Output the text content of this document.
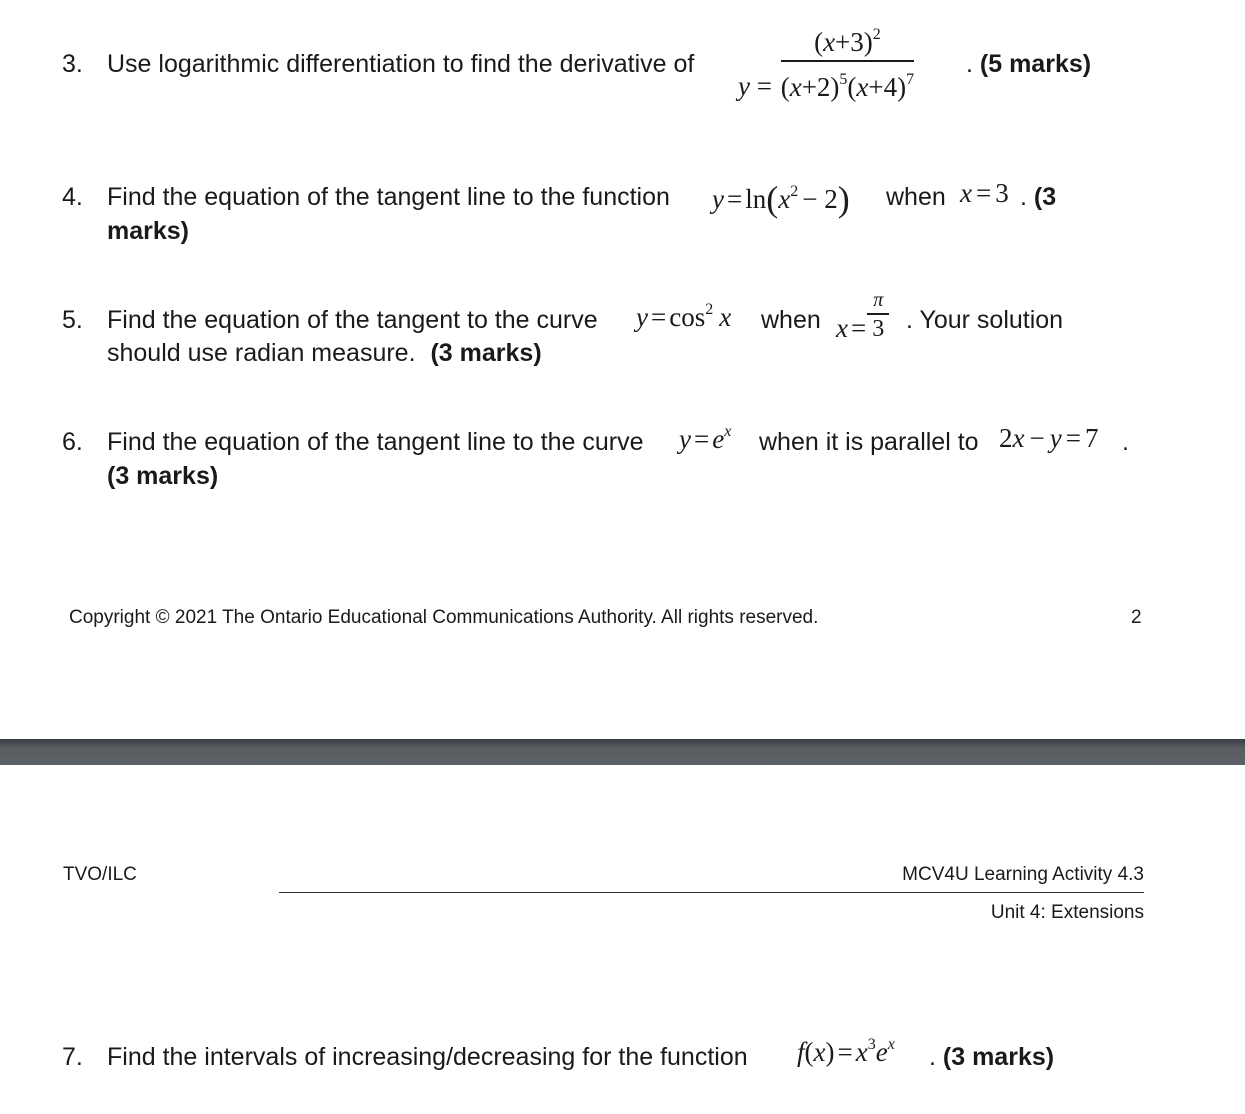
3. Use logarithmic differentiation to find the derivative of
$y = \frac{(x+3)^2}{(x+2)^5(x+4)^7}$ . (5 marks)
4. Find the equation of the tangent line to the function $y = \ln(x^2 - 2)$ when x = 3 . (3
marks)
5. Find the equation of the tangent to the curve $y = \cos^2 x$ when $x = \frac{\pi}{3}$ . Your solution
should use radian measure. (3 marks)
6. Find the equation of the tangent line to the curve $y = e^x$ when it is parallel to 2x − y = 7 .
(3 marks)
Copyright © 2021 The Ontario Educational Communications Authority. All rights reserved.	2
TVO/ILC	MCV4U Learning Activity 4.3
Unit 4: Extensions
7. Find the intervals of increasing/decreasing for the function $f(x) = x^3e^x$ . (3 marks)
